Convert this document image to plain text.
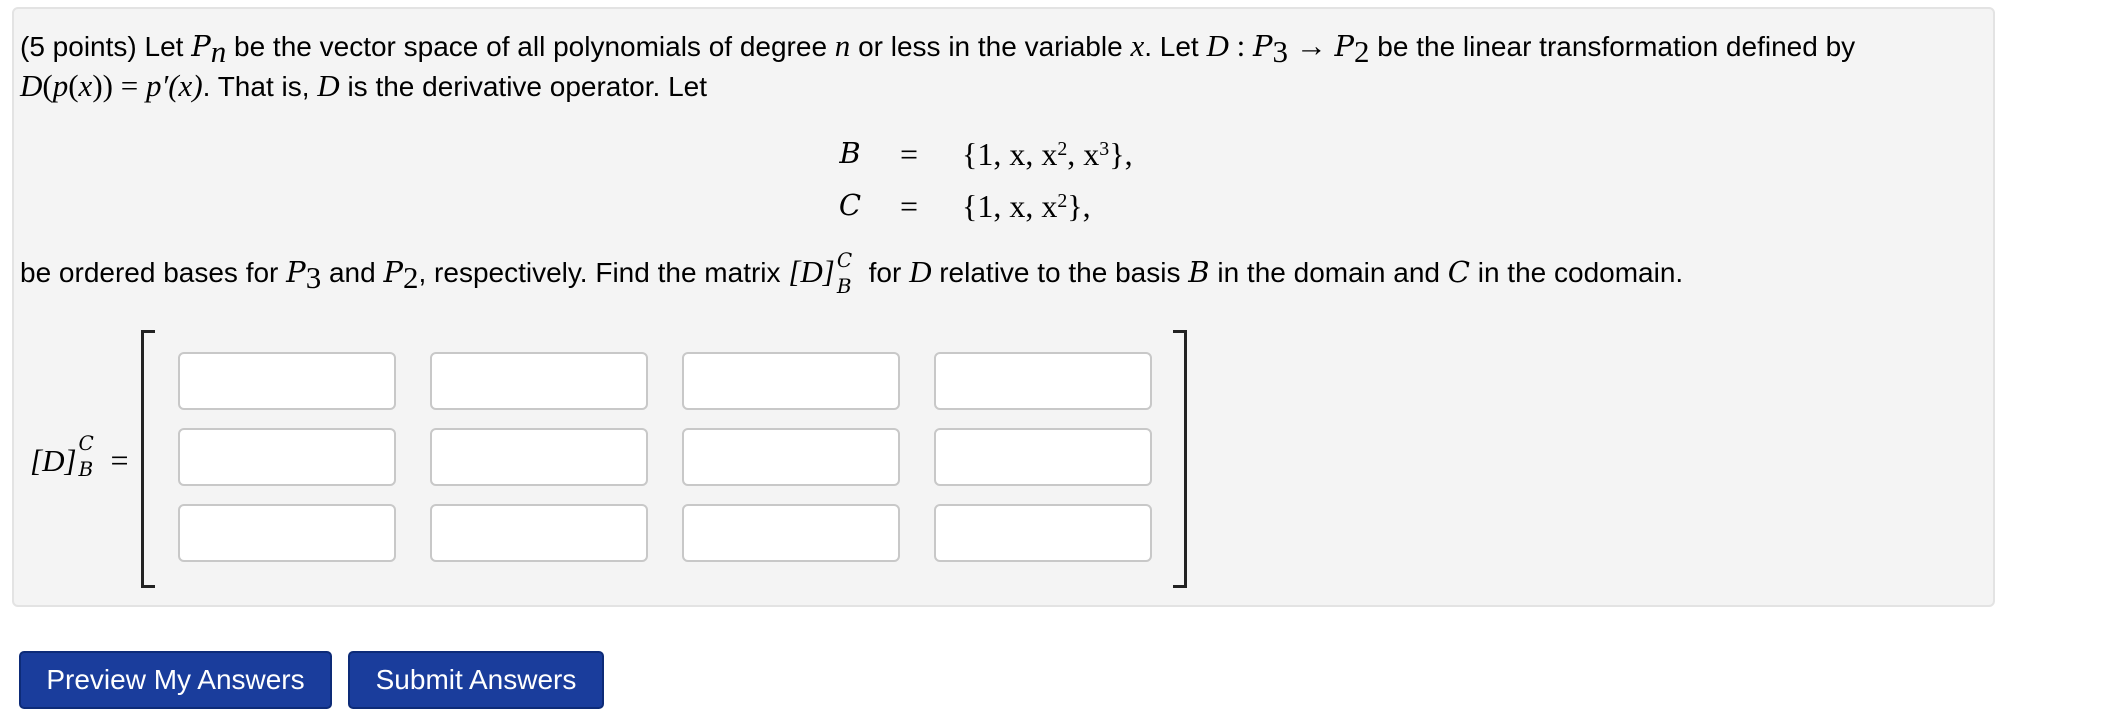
(5 points) Let $P_n$ be the vector space of all polynomials of degree n or less in the variable x. Let D : $P_3 \to P_2$ be the linear transformation defined by
D(p(x)) = p′(x). That is, D is the derivative operator. Let
B	= {1, x, $x^2$, $x^3$},
C	= {1, x, $x^2$},
be ordered bases for $P_3$ and $P_2$, respectively. Find the matrix [D] C
B for D relative to the basis B in the domain and C in the codomain.
[D] C
B =
Preview My Answers	Submit Answers
